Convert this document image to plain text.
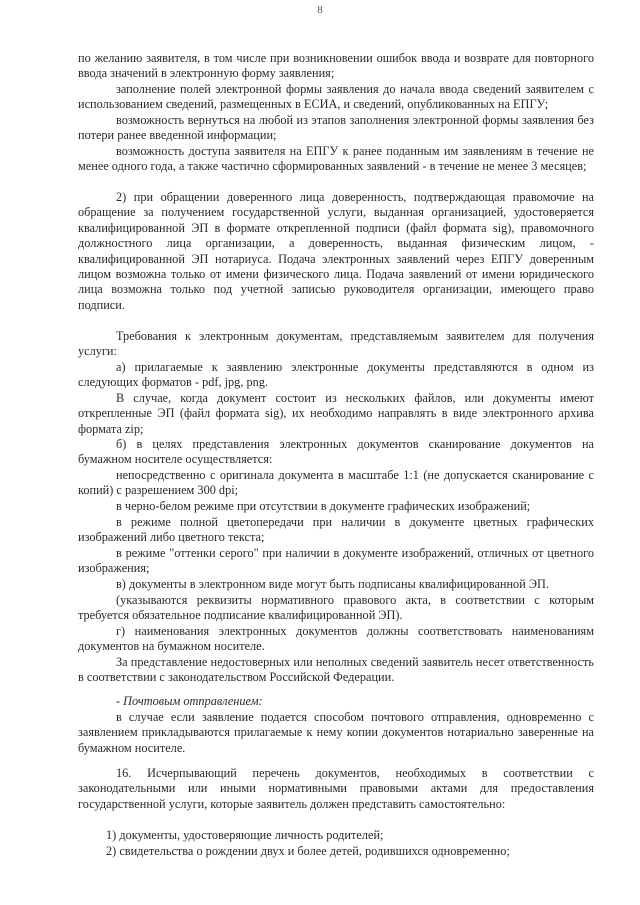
8

по желанию заявителя, в том числе при возникновении ошибок ввода и возврате для повторного ввода значений в электронную форму заявления;

заполнение полей электронной формы заявления до начала ввода сведений заявителем с использованием сведений, размещенных в ЕСИА, и сведений, опубликованных на ЕПГУ;

возможность вернуться на любой из этапов заполнения электронной формы заявления без потери ранее введенной информации;

возможность доступа заявителя на ЕПГУ к ранее поданным им заявлениям в течение не менее одного года, а также частично сформированных заявлений - в течение не менее 3 месяцев;

2) при обращении доверенного лица доверенность, подтверждающая правомочие на обращение за получением государственной услуги, выданная организацией, удостоверяется квалифицированной ЭП в формате открепленной подписи (файл формата sig), правомочного должностного лица организации, а доверенность, выданная физическим лицом, - квалифицированной ЭП нотариуса. Подача электронных заявлений через ЕПГУ доверенным лицом возможна только от имени физического лица. Подача заявлений от имени юридического лица возможна только под учетной записью руководителя организации, имеющего право подписи.

Требования к электронным документам, представляемым заявителем для получения услуги:

а) прилагаемые к заявлению электронные документы представляются в одном из следующих форматов - pdf, jpg, png.

В случае, когда документ состоит из нескольких файлов, или документы имеют открепленные ЭП (файл формата sig), их необходимо направлять в виде электронного архива формата zip;

б) в целях представления электронных документов сканирование документов на бумажном носителе осуществляется:

непосредственно с оригинала документа в масштабе 1:1 (не допускается сканирование с копий) с разрешением 300 dpi;

в черно-белом режиме при отсутствии в документе графических изображений;

в режиме полной цветопередачи при наличии в документе цветных графических изображений либо цветного текста;

в режиме "оттенки серого" при наличии в документе изображений, отличных от цветного изображения;

в) документы в электронном виде могут быть подписаны квалифицированной ЭП.

(указываются реквизиты нормативного правового акта, в соответствии с которым требуется обязательное подписание квалифицированной ЭП).

г) наименования электронных документов должны соответствовать наименованиям документов на бумажном носителе.

За представление недостоверных или неполных сведений заявитель несет ответственность в соответствии с законодательством Российской Федерации.

- Почтовым отправлением:

в случае если заявление подается способом почтового отправления, одновременно с заявлением прикладываются прилагаемые к нему копии документов нотариально заверенные на бумажном носителе.

16. Исчерпывающий перечень документов, необходимых в соответствии с законодательными или иными нормативными правовыми актами для предоставления государственной услуги, которые заявитель должен представить самостоятельно:

1) документы, удостоверяющие личность родителей;

2) свидетельства о рождении двух и более детей, родившихся одновременно;
